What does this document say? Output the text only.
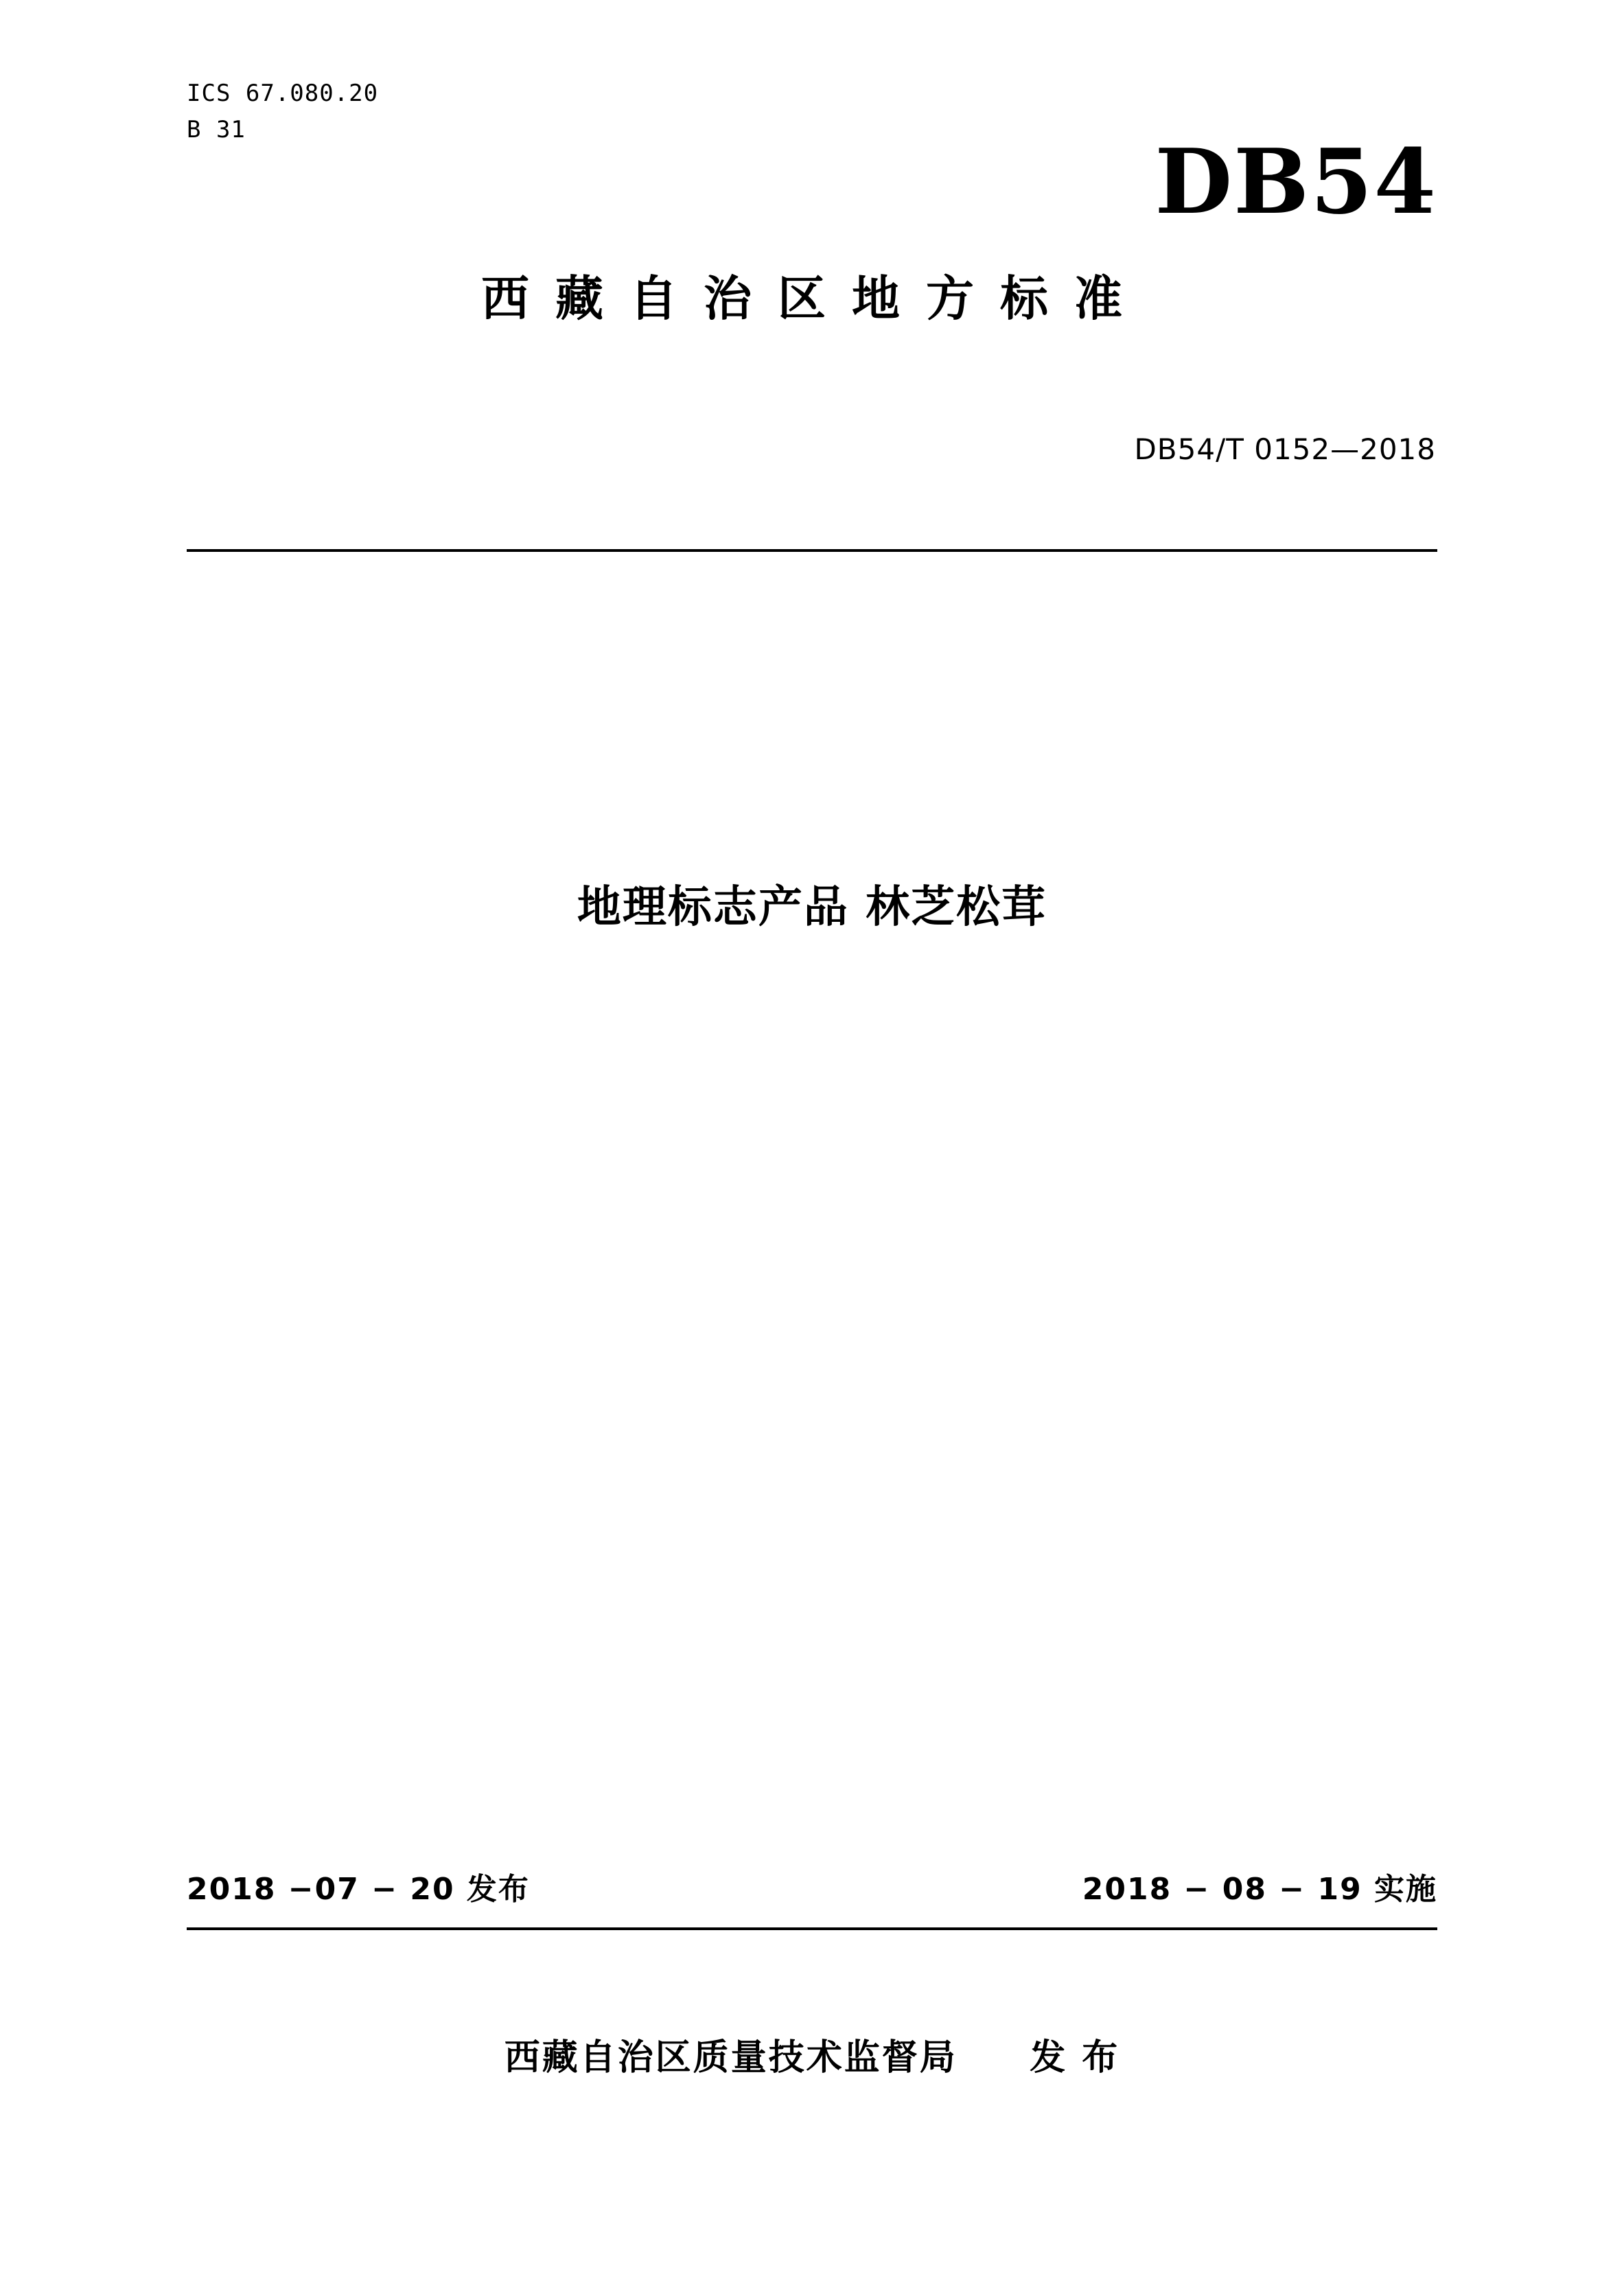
ICS 67.080.20
B 31	DB54
西藏自治区地方标准
DB54/T 0152—2018
地理标志产品 林芝松茸
2018 −07 − 20 发布	2018 − 08 − 19 实施
西藏自治区质量技术监督局     发 布
